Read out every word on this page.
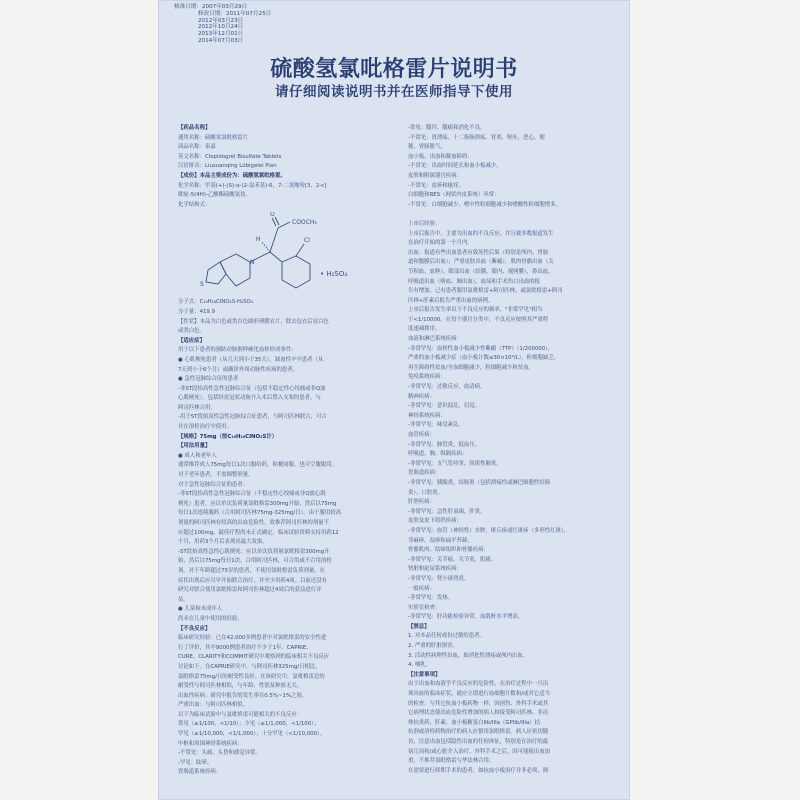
核准日期：2007年03月29日
修改日期：2011年07月25日
2012年03月23日
2012年10月24日
2013年12月01日
2014年07月03日
硫酸氢氯吡格雷片说明书
请仔细阅读说明书并在医师指导下使用
【药品名称】
通用名称：硫酸氢氯吡格雷片
商品名称：泰嘉
英文名称：Clopidogrel Bisulfate Tablets
汉语拼音：Liusuanqing Lübigelei Pian
【成份】本品主要成份为：硫酸氢氯吡格雷。
化学名称：甲基(+)-(S)-α-(2-氯苯基)-6，7-二氢噻吩[3，2-c]
吡啶-5(4H)-乙酸酯硫酸氢盐。
化学结构式：
COOCH₃
O
H	Cl
S
N
• H₂SO₄
分子式：C₁₆H₁₆ClNO₂S·H₂SO₄
分子量：419.9
【性状】本品为白色或类白色圆形薄膜衣片，除去包衣后显白色
或类白色。
【适应症】
用于以下患者的预防动脉粥样硬化血栓形成事件：
● 心肌梗死患者（从几天到小于35天），缺血性卒中患者（从
7天到小于6个月）或确诊外周动脉性疾病的患者。
● 急性冠脉综合征的患者
-非ST段抬高性急性冠脉综合征（包括不稳定性心绞痛或非Q波
心肌梗死），包括经皮冠状动脉介入术后置入支架的患者，与
阿司匹林合用。
-用于ST段抬高性急性冠脉综合征患者，与阿司匹林联合，可合
并在溶栓治疗中使用。
【规格】75mg（按C₁₆H₁₆ClNO₂S计）
【用法用量】
● 成人和老年人
通常推荐成人75mg每日1次口服给药，和餐同服，也可空腹服用。
对于老年患者，不需调整剂量。
对于急性冠脉综合征的患者：
-非ST段抬高性急性冠脉综合征（不稳定性心绞痛或非Q波心肌
梗死）患者，应以单次负荷量氯吡格雷300mg开始，然后以75mg
每日1次连续服药（合用阿司匹林75mg-325mg/日）。由于服用较高
剂量的阿司匹林有较高的出血危险性，故推荐阿司匹林的剂量不
应超过100mg。最佳疗程尚未正式确定。临床试验资料支持用药12
个月，用药3个月后表现出最大效果。
-ST段抬高性急性心肌梗死：应以单次负荷量氯吡格雷300mg开
始，然后以75mg每日1次，合用阿司匹林，可合用或不合用溶栓
剂。对于年龄超过75岁的患者，不使用氯吡格雷负荷剂量。在
症状出现后应尽早开始联合治疗，并至少用药4周。目前还没有
研究对联合使用氯吡格雷和阿司匹林超过4周后的获益进行评
估。
● 儿童和未成年人
尚未在儿童中使用的经验。
【不良反应】
临床研究经验：已在42,000多例患者中对氯吡格雷的安全性进
行了评价，其中9000例患者治疗不少于1年。CAPRIE、
CURE、CLARITY和COMMIT研究中观察到的临床相关不良反应
讨论如下。在CAPRIE研究中，与阿司匹林325mg/日相比，
氯吡格雷75mg/日的耐受性良好。在该研究中，氯吡格雷总的
耐受性与阿司匹林相似，与年龄、性别及种族无关。
出血性疾病：研究中报告的发生率在0.5%~1%之间。
严重出血：与阿司匹林相似。
以下为临床试验中与氯吡格雷可能相关的不良反应：
常见（≥1/100，<1/10）；少见（≥1/1,000，<1/100）；
罕见（≥1/10,000，<1/1,000）；十分罕见（<1/10,000）。
中枢和周围神经系统疾病：
-不常见：头痛、头昏和感觉异常。
-罕见：眩晕。
胃肠道系统疾病：
-常见：腹泻、腹痛和消化不良。
-不常见：胃溃疡、十二指肠溃疡、胃炎、呕吐、恶心、便
秘、胃肠胀气。
血小板、出血和凝血障碍：
-不常见：出血时间延长和血小板减少。
皮肤和附属器官疾病：
-不常见：皮疹和瘙痒。
白细胞和RES（网状内皮系统）异常：
-不常见：白细胞减少，嗜中性粒细胞减少和嗜酸性粒细胞增多。
上市后经验：
上市后报告中，主要为出血的不良反应，并且被多数报道发生
在治疗开始的第一个月内。
出血：报道有些出血患者有致死性后果（特别是颅内、胃肠
道和腹膜后出血）；严重皮肤出血（紫癜），肌肉骨骼出血（关
节积血、血肿），眼部出血（结膜、眼内、视网膜），鼻出血，
呼吸道出血（咯血、肺出血），血尿和手术伤口出血的报
告有增加。已有患者服用氯吡格雷+阿司匹林、或氯吡格雷+阿司
匹林+肝素后报告严重出血的病例。
上市后报告发生率以下不良反应的频率，"非常罕见"相当
于<1/10000。在每个器官分类中，不良反应按照其严重程
度递减排序。
血液和淋巴系统疾病：
-非常罕见：血栓性血小板减少性紫癜（TTP）（1/200000），
严重的血小板减少症（血小板计数≤30×10⁹/L），粒细胞缺乏，
再生障碍性贫血/全血细胞减少，粒细胞减少和贫血。
免疫系统疾病：
-非常罕见：过敏反应，血清病。
精神疾病：
-非常罕见：意识混乱，幻觉。
神经系统疾病：
-非常罕见：味觉紊乱。
血管疾病：
-非常罕见：脉管炎，低血压。
呼吸道、胸、纵隔疾病：
-非常罕见：支气管痉挛，间质性肺炎。
胃肠道疾病：
-非常罕见：胰腺炎，结肠炎（包括溃疡性或淋巴细胞性结肠
炎），口腔炎。
肝胆疾病：
-非常罕见：急性肝衰竭，肝炎。
皮肤及皮下组织疾病：
-非常罕见：血管（神经性）水肿，斑丘疹或红斑疹（多形性红斑），
荨麻疹，湿疹和扁平苔藓。
骨骼肌肉、结缔组织和骨骼疾病：
-非常罕见：关节痛，关节炎，肌痛。
肾脏和泌尿系统疾病：
-非常罕见：肾小球肾炎。
一般疾病：
-非常罕见：发热。
实验室检查：
-非常罕见：肝功能检验异常，血肌酐水平增高。
【禁忌】
1. 对本品任何成份过敏的患者。
2. 严重的肝脏损害。
3. 活动性病理性出血，如消化性溃疡或颅内出血。
4. 哺乳。
【注意事项】
由于出血和血液学不良反应的危险性，在治疗过程中一旦出
现出血的临床症状，就应立即进行血细胞计数和/或其它适当
的检查。与其它抗血小板药物一样，因创伤、外科手术或其
它病理状态使出血危险性增加的病人和接受阿司匹林、非甾
体抗炎药、肝素、血小板糖蛋白IIb/IIIa（GPIIb/IIIa）拮
抗剂或溶栓药物治疗的病人应慎用氯吡格雷。病人应密切随
访，注意出血包括隐性出血的任何体征，特别是在治疗的最
初几周和/或心脏介入治疗、外科手术之后。因可能使出血加
重，不推荐氯吡格雷与华法林合用。
在需要进行择期手术的患者，如抗血小板治疗并非必须，则
